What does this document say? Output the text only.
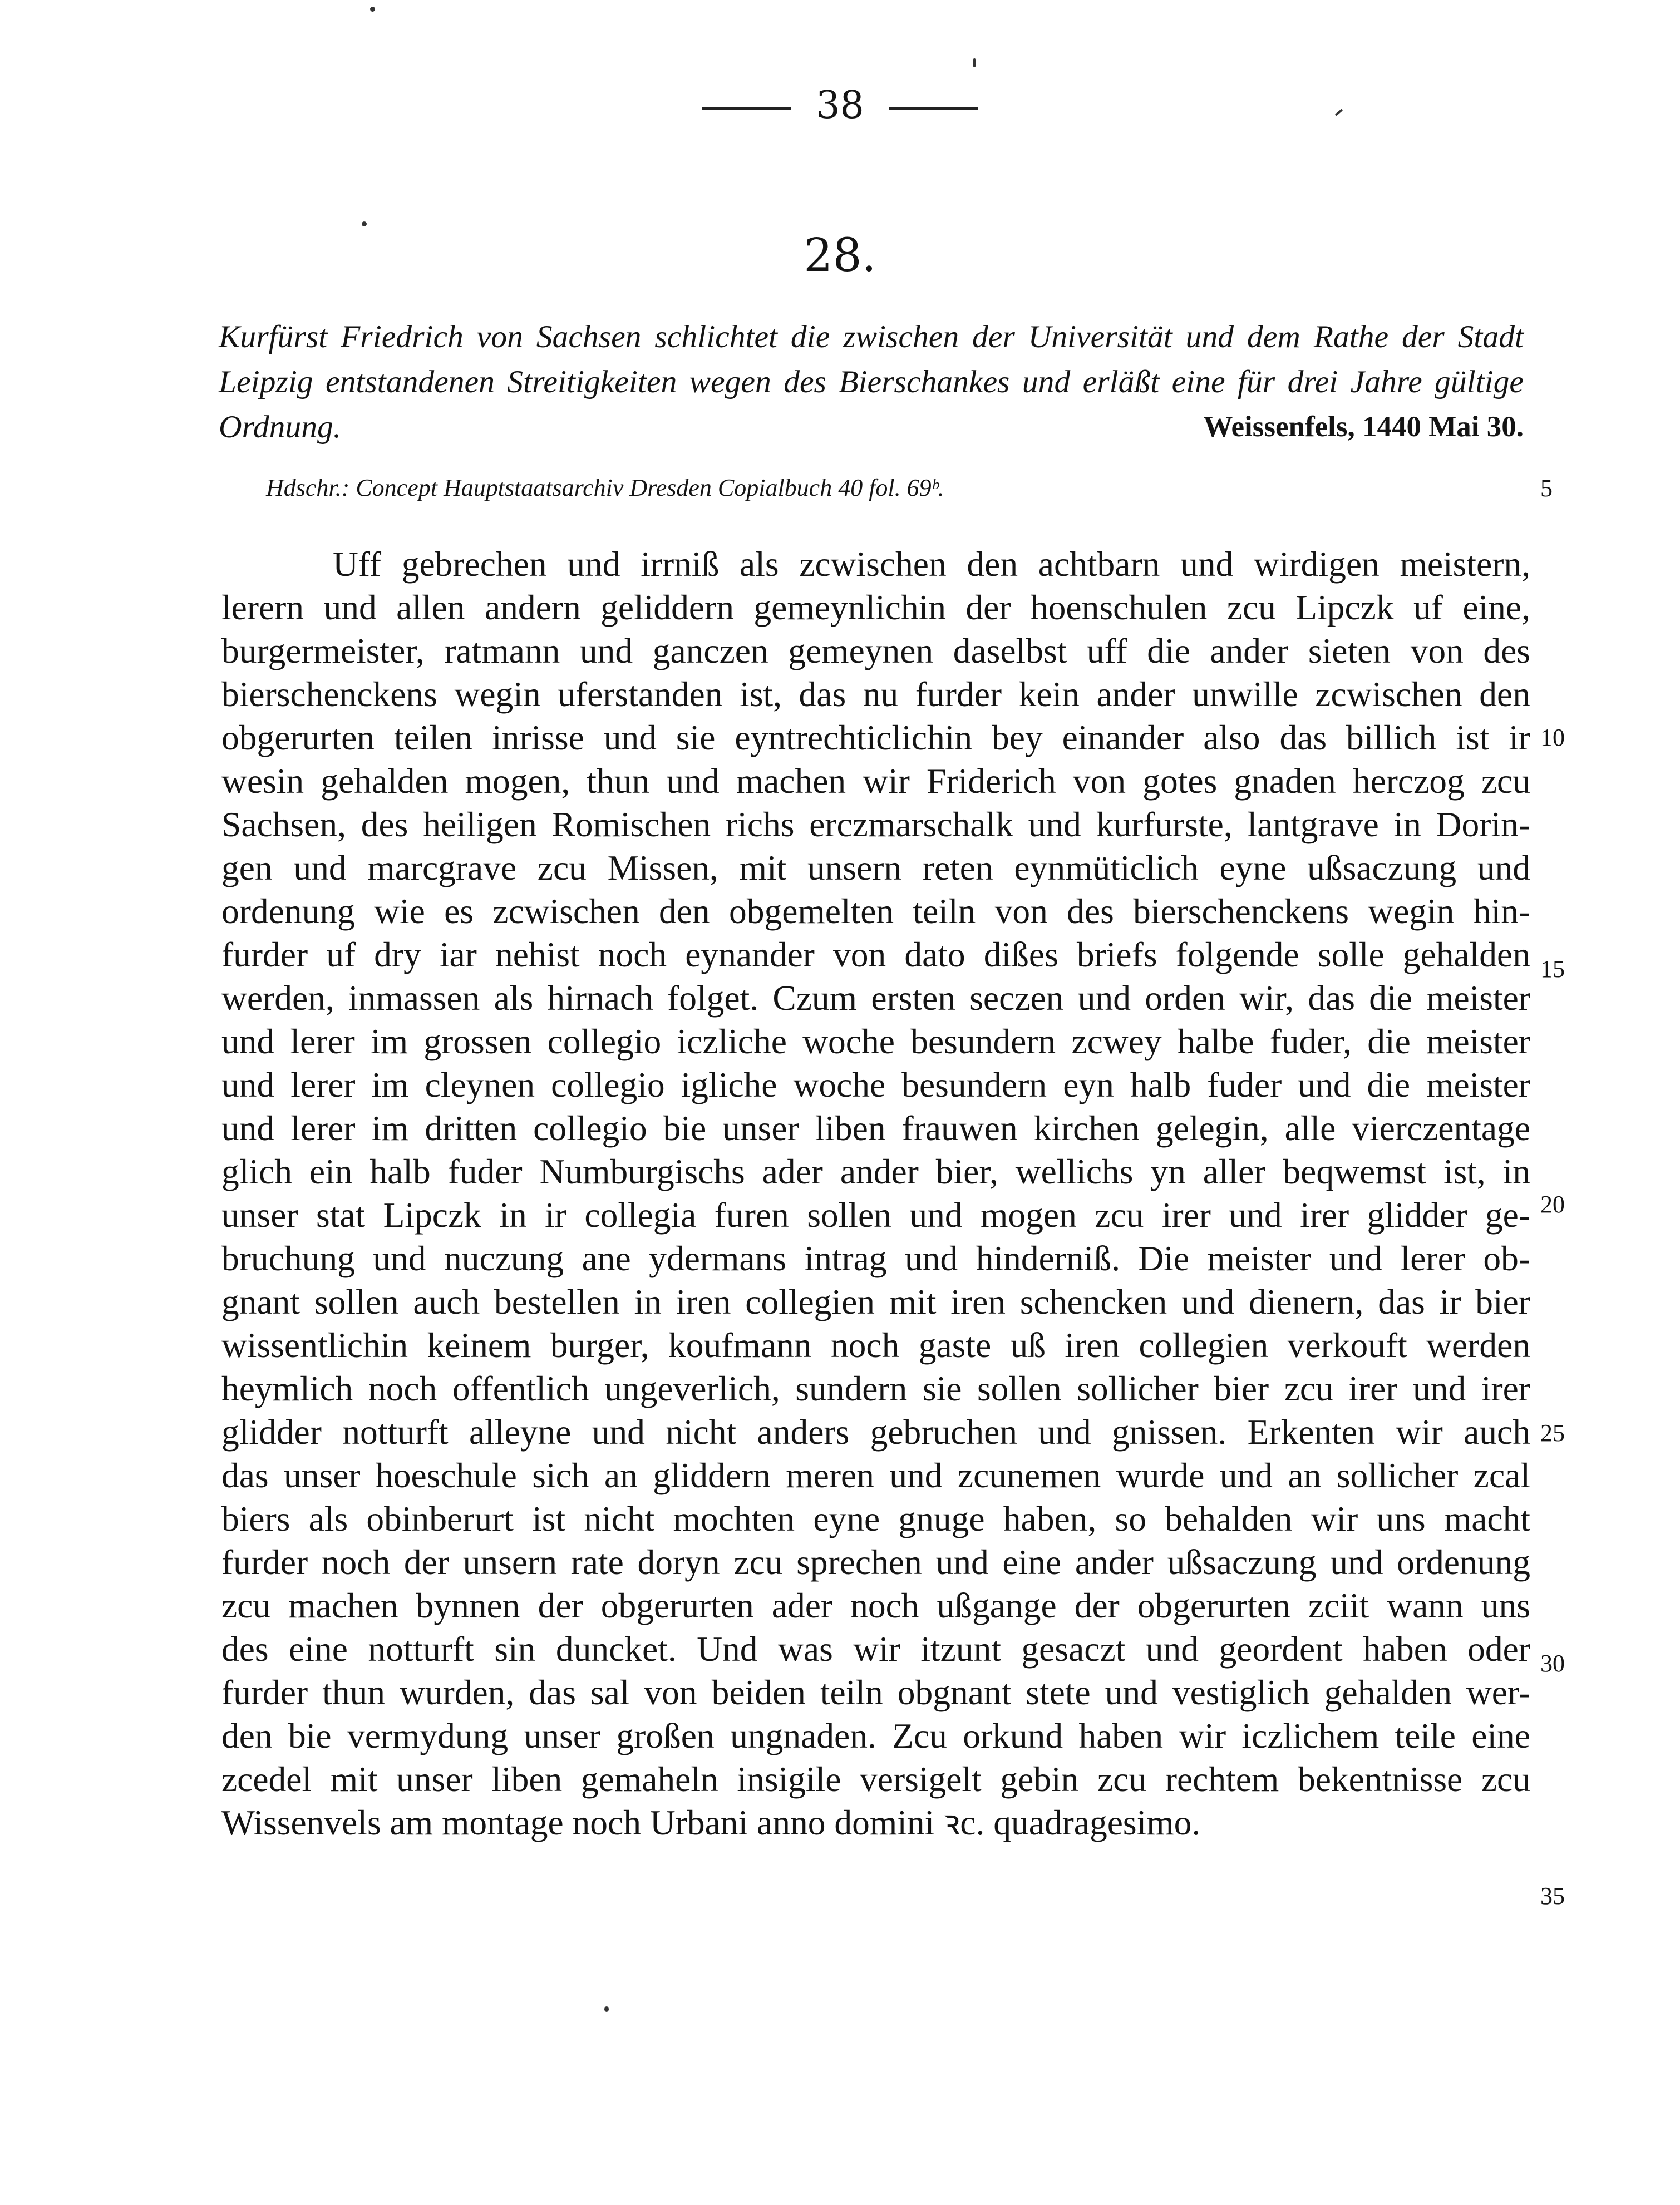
38
28.
Kurfürst Friedrich von Sachsen schlichtet die zwischen der Universität und dem Rathe der Stadt
Leipzig entstandenen Streitigkeiten wegen des Bierschankes und erläßt eine für drei Jahre gültige
Ordnung.	Weissenfels, 1440 Mai 30.
Hdschr.: Concept Hauptstaatsarchiv Dresden Copialbuch 40 fol. 69ᵇ.	5
10
15
20
25
30
35
Uff gebrechen und irrniß als zcwischen den achtbarn und wirdigen meistern,
lerern und allen andern geliddern gemeynlichin der hoenschulen zcu Lipczk uf eine,
burgermeister, ratmann und ganczen gemeynen daselbst uff die ander sieten von des
bierschenckens wegin uferstanden ist, das nu furder kein ander unwille zcwischen den
obgerurten teilen inrisse und sie eyntrechticlichin bey einander also das billich ist ir
wesin gehalden mogen, thun und machen wir Friderich von gotes gnaden herczog zcu
Sachsen, des heiligen Romischen richs erczmarschalk und kurfurste, lantgrave in Dorin-
gen und marcgrave zcu Missen, mit unsern reten eynmüticlich eyne ußsaczung und
ordenung wie es zcwischen den obgemelten teiln von des bierschenckens wegin hin-
furder uf dry iar nehist noch eynander von dato dißes briefs folgende solle gehalden
werden, inmassen als hirnach folget. Czum ersten seczen und orden wir, das die meister
und lerer im grossen collegio iczliche woche besundern zcwey halbe fuder, die meister
und lerer im cleynen collegio igliche woche besundern eyn halb fuder und die meister
und lerer im dritten collegio bie unser liben frauwen kirchen gelegin, alle vierczentage
glich ein halb fuder Numburgischs ader ander bier, wellichs yn aller beqwemst ist, in
unser stat Lipczk in ir collegia furen sollen und mogen zcu irer und irer glidder ge-
bruchung und nuczung ane ydermans intrag und hinderniß. Die meister und lerer ob-
gnant sollen auch bestellen in iren collegien mit iren schencken und dienern, das ir bier
wissentlichin keinem burger, koufmann noch gaste uß iren collegien verkouft werden
heymlich noch offentlich ungeverlich, sundern sie sollen sollicher bier zcu irer und irer
glidder notturft alleyne und nicht anders gebruchen und gnissen. Erkenten wir auch
das unser hoeschule sich an gliddern meren und zcunemen wurde und an sollicher zcal
biers als obinberurt ist nicht mochten eyne gnuge haben, so behalden wir uns macht
furder noch der unsern rate doryn zcu sprechen und eine ander ußsaczung und ordenung
zcu machen bynnen der obgerurten ader noch ußgange der obgerurten zciit wann uns
des eine notturft sin duncket. Und was wir itzunt gesaczt und geordent haben oder
furder thun wurden, das sal von beiden teiln obgnant stete und vestiglich gehalden wer-
den bie vermydung unser großen ungnaden. Zcu orkund haben wir iczlichem teile eine
zcedel mit unser liben gemaheln insigile versigelt gebin zcu rechtem bekentnisse zcu
Wissenvels am montage noch Urbani anno domini ꝛc. quadragesimo.
